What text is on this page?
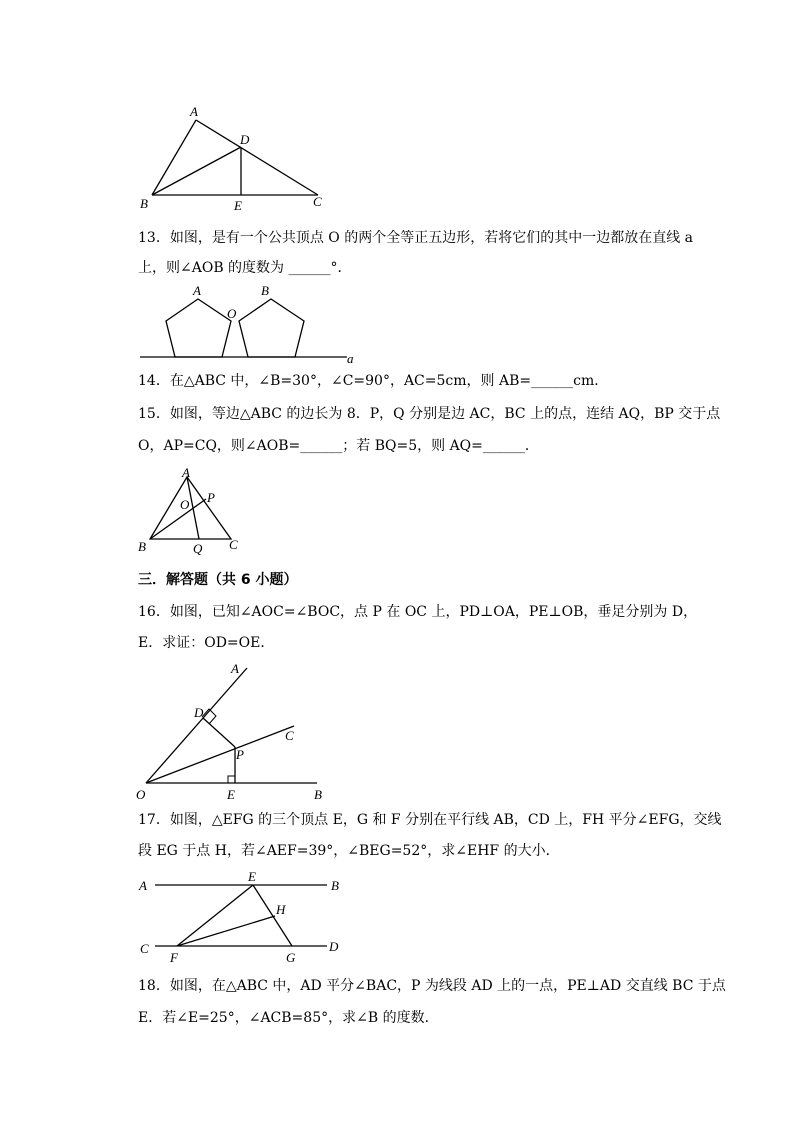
A
D
B	E	C
13．如图，是有一个公共顶点 O 的两个全等正五边形，若将它们的其中一边都放在直线 a
上，则∠AOB 的度数为 ______°．
A
O
B
a
14．在△ABC 中，∠B=30°，∠C=90°，AC=5cm，则 AB=______cm．
15．如图，等边△ABC 的边长为 8．P，Q 分别是边 AC，BC 上的点，连结 AQ，BP 交于点
O，AP=CQ，则∠AOB=______；若 BQ=5，则 AQ=______．
A
O P
B	Q C
三．解答题（共 6 小题）
16．如图，已知∠AOC=∠BOC，点 P 在 OC 上，PD⊥OA，PE⊥OB，垂足分别为 D，
E．求证：OD=OE．
A
D
C
P
O	E	B
17．如图，△EFG 的三个顶点 E，G 和 F 分别在平行线 AB，CD 上，FH 平分∠EFG，交线
段 EG 于点 H，若∠AEF=39°，∠BEG=52°，求∠EHF 的大小．
A
E
B
H
C
F	G
D
18．如图，在△ABC 中，AD 平分∠BAC，P 为线段 AD 上的一点，PE⊥AD 交直线 BC 于点
E．若∠E=25°，∠ACB=85°，求∠B 的度数．
